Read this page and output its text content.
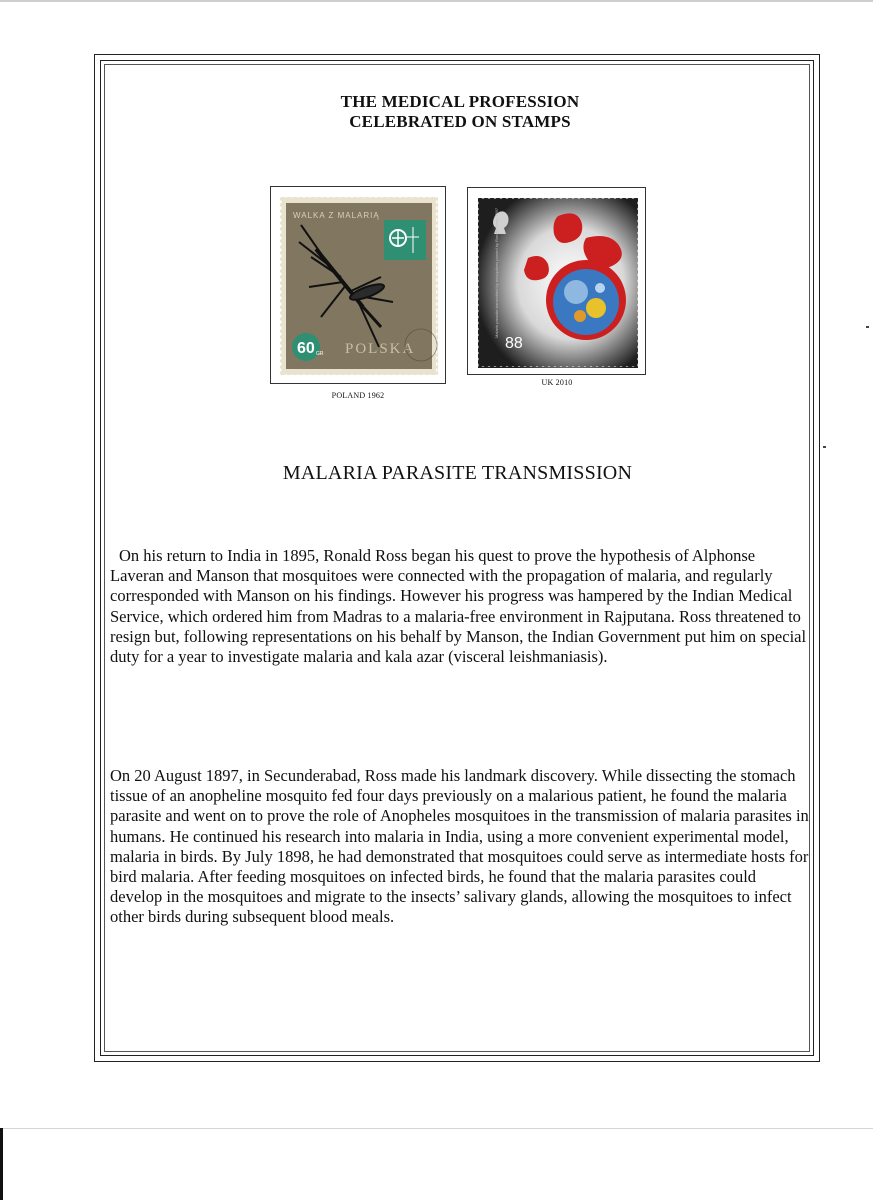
THE MEDICAL PROFESSION
CELEBRATED ON STAMPS
WALKA Z MALARIĄ
60 GR POLSKA
POLAND 1962
Malaria parasite transmitted by mosquitoes proved by Ronald Ross, 1897
88
UK 2010
MALARIA PARASITE TRANSMISSION

On his return to India in 1895, Ronald Ross began his quest to prove the hypothesis of Alphonse Laveran and Manson that mosquitoes were connected with the propagation of malaria, and regularly corresponded with Manson on his findings. However his progress was hampered by the Indian Medical Service, which ordered him from Madras to a malaria-free environment in Rajputana. Ross threatened to resign but, following representations on his behalf by Manson, the Indian Government put him on special duty for a year to investigate malaria and kala azar (visceral leishmaniasis).

On 20 August 1897, in Secunderabad, Ross made his landmark discovery. While dissecting the stomach tissue of an anopheline mosquito fed four days previously on a malarious patient, he found the malaria parasite and went on to prove the role of Anopheles mosquitoes in the transmission of malaria parasites in humans. He continued his research into malaria in India, using a more convenient experimental model, malaria in birds. By July 1898, he had demonstrated that mosquitoes could serve as intermediate hosts for bird malaria. After feeding mosquitoes on infected birds, he found that the malaria parasites could develop in the mosquitoes and migrate to the insects’ salivary glands, allowing the mosquitoes to infect other birds during subsequent blood meals.
